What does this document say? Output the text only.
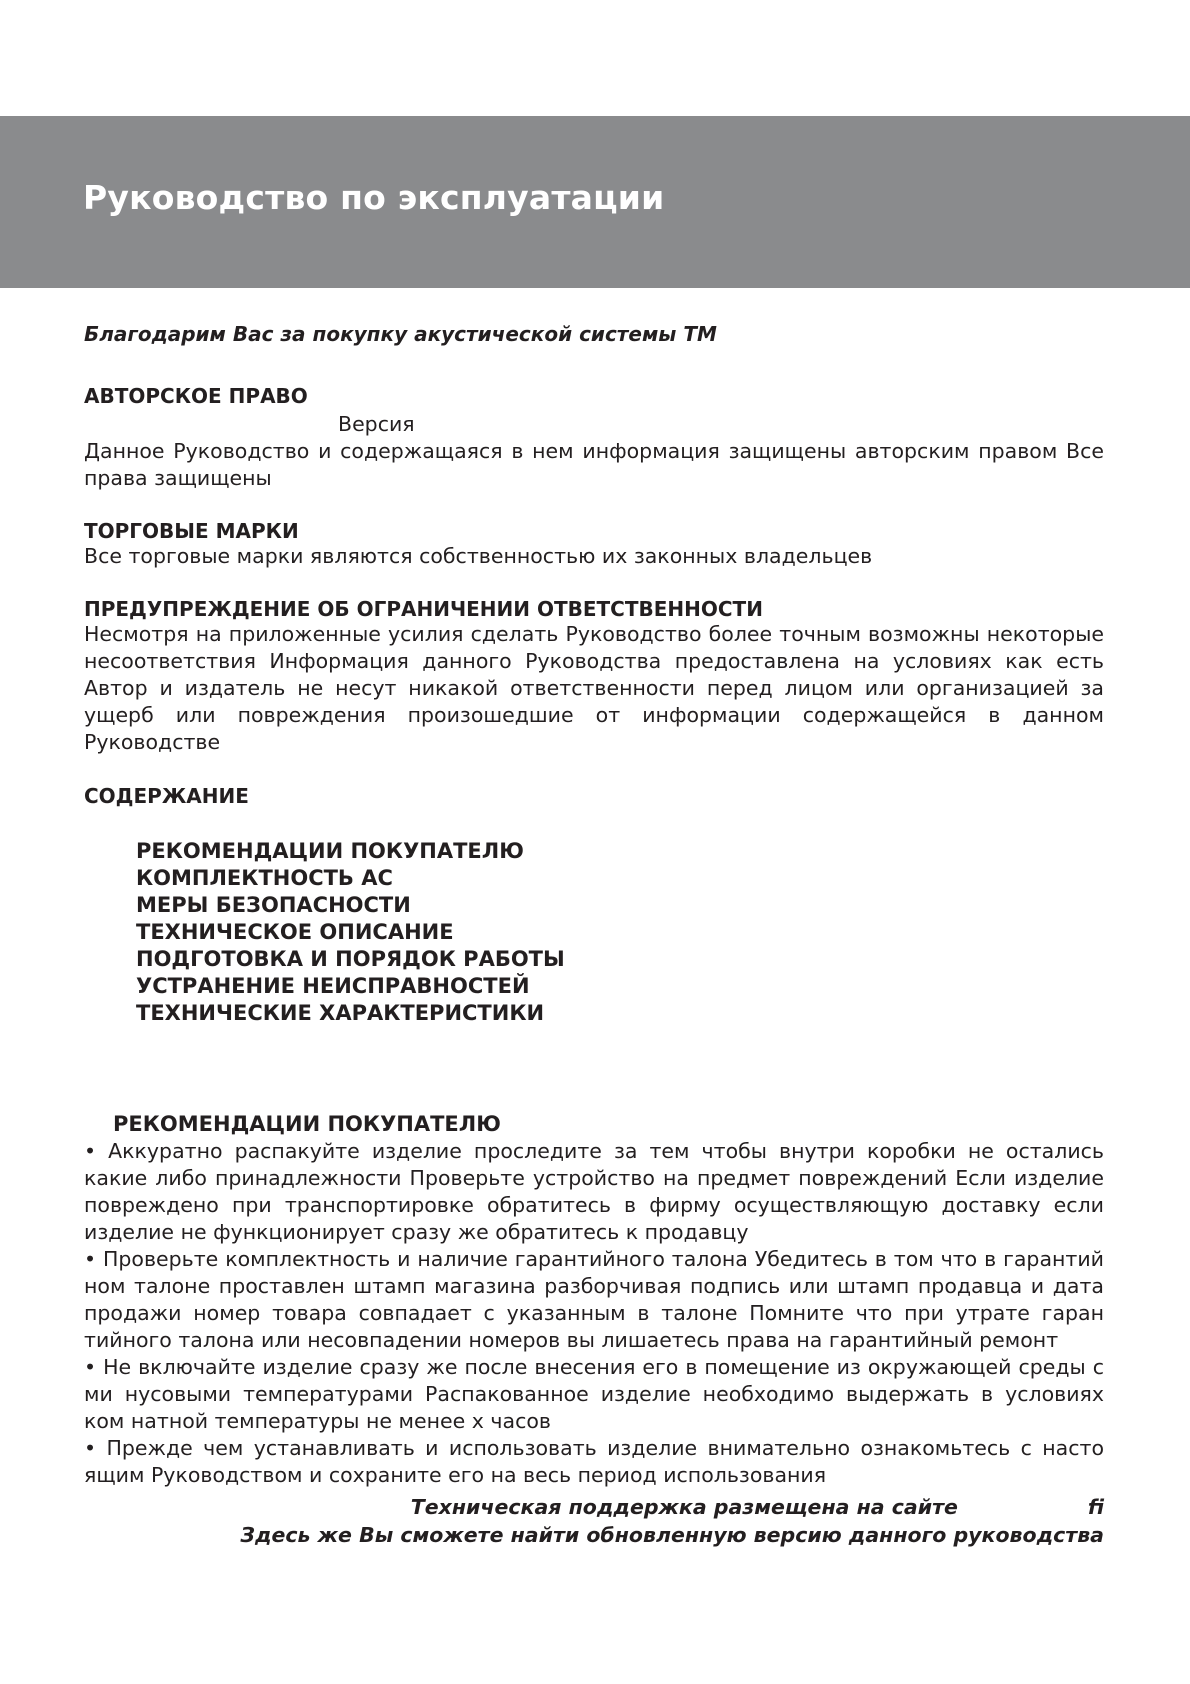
Руководство по эксплуатации

Благодарим Вас за покупку акустической системы ТМ

АВТОРСКОЕ ПРАВО

Версия

Данное Руководство и содержащаяся в нем информация защищены авторским правом Все права защищены

ТОРГОВЫЕ МАРКИ

Все торговые марки являются собственностью их законных владельцев

ПРЕДУПРЕЖДЕНИЕ ОБ ОГРАНИЧЕНИИ ОТВЕТСТВЕННОСТИ

Несмотря на приложенные усилия сделать Руководство более точным возможны некоторые несоответствия Информация данного Руководства предоставлена на условиях как есть Автор и издатель не несут никакой ответственности перед лицом или организацией за ущерб или повреждения произошедшие от информации содержащейся в данном Руководстве

СОДЕРЖАНИЕ

РЕКОМЕНДАЦИИ ПОКУПАТЕЛЮ
КОМПЛЕКТНОСТЬ АС
МЕРЫ БЕЗОПАСНОСТИ
ТЕХНИЧЕСКОЕ ОПИСАНИЕ
ПОДГОТОВКА И ПОРЯДОК РАБОТЫ
УСТРАНЕНИЕ НЕИСПРАВНОСТЕЙ
ТЕХНИЧЕСКИЕ ХАРАКТЕРИСТИКИ

РЕКОМЕНДАЦИИ ПОКУПАТЕЛЮ

• Аккуратно распакуйте изделие проследите за тем чтобы внутри коробки не остались какие либо принадлежности Проверьте устройство на предмет повреждений Если изделие повреждено при транспортировке обратитесь в фирму осуществляющую доставку если изделие не функционирует сразу же обратитесь к продавцу

• Проверьте комплектность и наличие гарантийного талона Убедитесь в том что в гарантий ном талоне проставлен штамп магазина разборчивая подпись или штамп продавца и дата продажи номер товара совпадает с указанным в талоне Помните что при утрате гаран тийного талона или несовпадении номеров вы лишаетесь права на гарантийный ремонт

• Не включайте изделие сразу же после внесения его в помещение из окружающей среды с ми нусовыми температурами Распакованное изделие необходимо выдержать в условиях ком натной температуры не менее х часов

• Прежде чем устанавливать и использовать изделие внимательно ознакомьтесь с насто ящим Руководством и сохраните его на весь период использования

Техническая поддержка размещена на сайте	fi
Здесь же Вы сможете найти обновленную версию данного руководства
